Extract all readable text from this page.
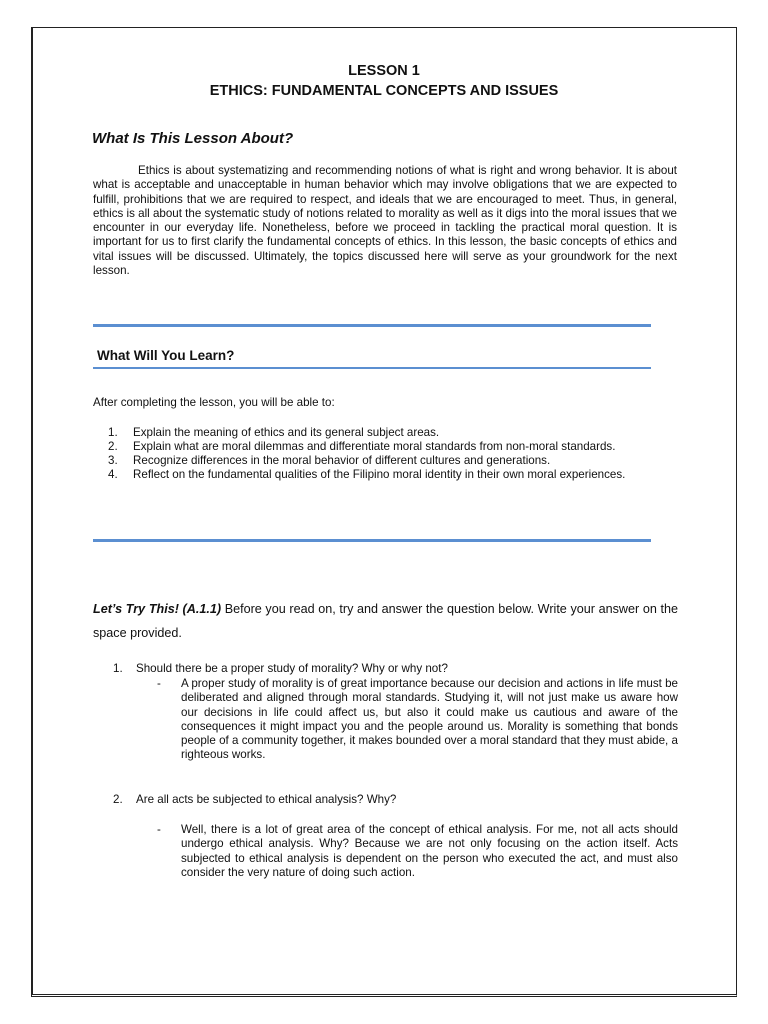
LESSON 1
ETHICS: FUNDAMENTAL CONCEPTS AND ISSUES
What Is This Lesson About?

Ethics is about systematizing and recommending notions of what is right and wrong behavior. It is about what is acceptable and unacceptable in human behavior which may involve obligations that we are expected to fulfill, prohibitions that we are required to respect, and ideals that we are encouraged to meet. Thus, in general, ethics is all about the systematic study of notions related to morality as well as it digs into the moral issues that we encounter in our everyday life. Nonetheless, before we proceed in tackling the practical moral question. It is important for us to first clarify the fundamental concepts of ethics. In this lesson, the basic concepts of ethics and vital issues will be discussed. Ultimately, the topics discussed here will serve as your groundwork for the next lesson.

What Will You Learn?
After completing the lesson, you will be able to:
1.	Explain the meaning of ethics and its general subject areas.
2.	Explain what are moral dilemmas and differentiate moral standards from non-moral standards.
3.	Recognize differences in the moral behavior of different cultures and generations.
4.	Reflect on the fundamental qualities of the Filipino moral identity in their own moral experiences.

Let’s Try This! (A.1.1) Before you read on, try and answer the question below. Write your answer on the space provided.

1.	Should there be a proper study of morality? Why or why not?
-	A proper study of morality is of great importance because our decision and actions in life must be deliberated and aligned through moral standards. Studying it, will not just make us aware how our decisions in life could affect us, but also it could make us cautious and aware of the consequences it might impact you and the people around us. Morality is something that bonds people of a community together, it makes bounded over a moral standard that they must abide, a righteous works.
2.	Are all acts be subjected to ethical analysis? Why?
-	Well, there is a lot of great area of the concept of ethical analysis. For me, not all acts should undergo ethical analysis. Why? Because we are not only focusing on the action itself. Acts subjected to ethical analysis is dependent on the person who executed the act, and must also consider the very nature of doing such action.
